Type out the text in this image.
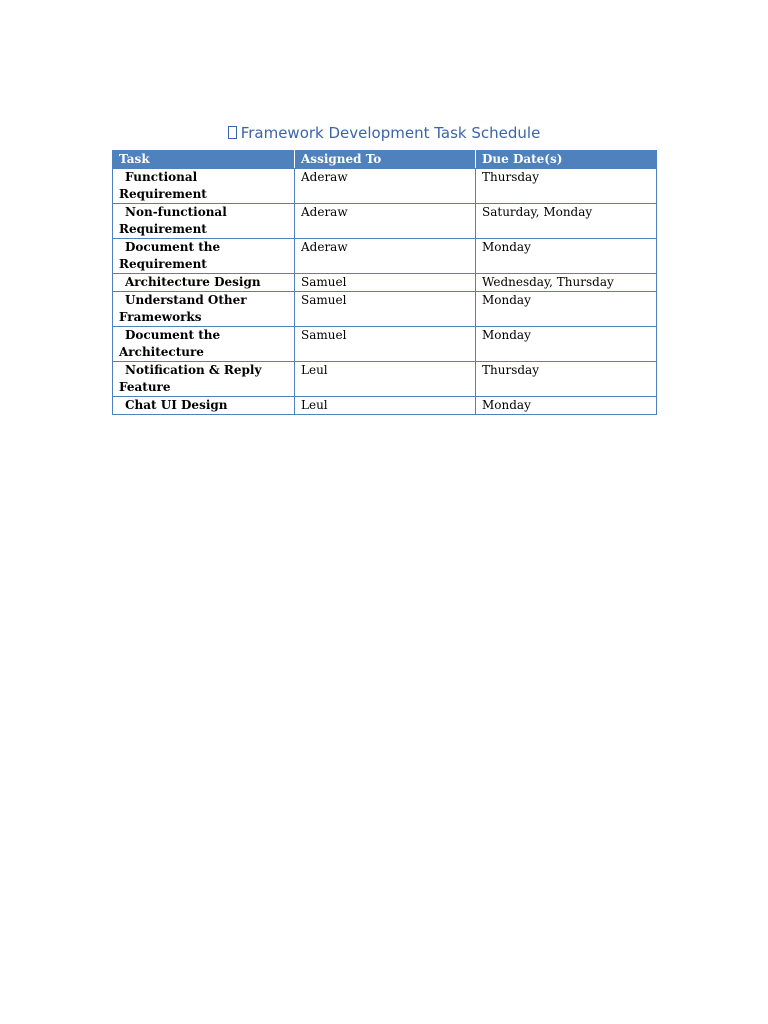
Framework Development Task Schedule
Task	Assigned To	Due Date(s)
Functional Requirement	Aderaw	Thursday
Non-functional Requirement	Aderaw	Saturday, Monday
Document the Requirement	Aderaw	Monday
Architecture Design	Samuel	Wednesday, Thursday
Understand Other Frameworks	Samuel	Monday
Document the Architecture	Samuel	Monday
Notification & Reply Feature	Leul	Thursday
Chat UI Design	Leul	Monday
